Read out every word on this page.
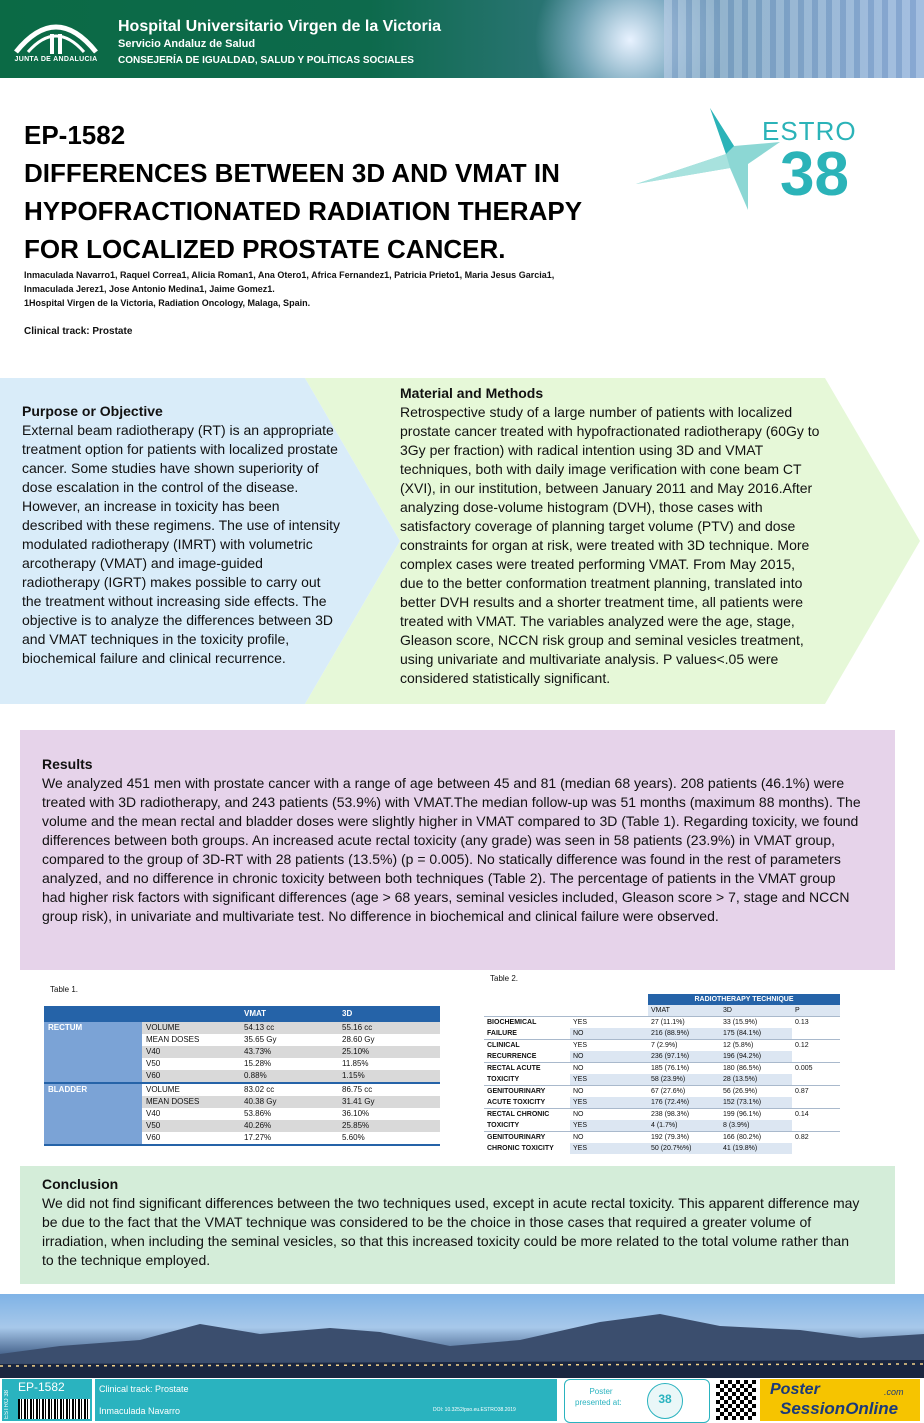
JUNTA DE ANDALUCIA
Hospital Universitario Virgen de la Victoria
Servicio Andaluz de Salud
CONSEJERÍA DE IGUALDAD, SALUD Y POLÍTICAS SOCIALES
EP-1582
DIFFERENCES BETWEEN 3D AND VMAT IN
HYPOFRACTIONATED RADIATION THERAPY
FOR LOCALIZED PROSTATE CANCER.
Inmaculada Navarro1, Raquel Correa1, Alicia Roman1, Ana Otero1, Africa Fernandez1, Patricia Prieto1, Maria Jesus Garcia1,
Inmaculada Jerez1, Jose Antonio Medina1, Jaime Gomez1.
1Hospital Virgen de la Victoria, Radiation Oncology, Malaga, Spain.
Clinical track: Prostate
ESTRO
38
Purpose or Objective
External beam radiotherapy (RT) is an appropriate treatment option for patients with localized prostate cancer. Some studies have shown superiority of dose escalation in the control of the disease. However, an increase in toxicity has been described with these regimens. The use of intensity modulated radiotherapy (IMRT) with volumetric arcotherapy (VMAT) and image-guided radiotherapy (IGRT) makes possible to carry out the treatment without increasing side effects. The objective is to analyze the differences between 3D and VMAT techniques in the toxicity profile, biochemical failure and clinical recurrence.
Material and Methods
Retrospective study of a large number of patients with localized prostate cancer treated with hypofractionated radiotherapy (60Gy to 3Gy per fraction) with radical intention using 3D and VMAT techniques, both with daily image verification with cone beam CT (XVI), in our institution, between January 2011 and May 2016.After analyzing dose-volume histogram (DVH), those cases with satisfactory coverage of planning target volume (PTV) and dose constraints for organ at risk, were treated with 3D technique. More complex cases were treated performing VMAT. From May 2015, due to the better conformation treatment planning, translated into better DVH results and a shorter treatment time, all patients were treated with VMAT. The variables analyzed were the age, stage, Gleason score, NCCN risk group and seminal vesicles treatment, using univariate and multivariate analysis. P values<.05 were considered statistically significant.
Results
We analyzed 451 men with prostate cancer with a range of age between 45 and 81 (median 68 years). 208 patients (46.1%) were treated with 3D radiotherapy, and 243 patients (53.9%) with VMAT.The median follow-up was 51 months (maximum 88 months). The volume and the mean rectal and bladder doses were slightly higher in VMAT compared to 3D (Table 1). Regarding toxicity, we found differences between both groups. An increased acute rectal toxicity (any grade) was seen in 58 patients (23.9%) in VMAT group, compared to the group of 3D-RT with 28 patients (13.5%) (p = 0.005). No statically difference was found in the rest of parameters analyzed, and no difference in chronic toxicity between both techniques (Table 2). The percentage of patients in the VMAT group had higher risk factors with significant differences (age > 68 years, seminal vesicles included, Gleason score > 7, stage and NCCN group risk), in univariate and multivariate test. No difference in biochemical and clinical failure were observed.
Table 1.
		VMAT	3D
RECTUM	VOLUME	54.13 cc	55.16 cc
	MEAN DOSES	35.65 Gy	28.60 Gy
	V40	43.73%	25.10%
	V50	15.28%	11.85%
	V60	0.88%	1.15%
BLADDER	VOLUME	83.02 cc	86.75 cc
	MEAN DOSES	40.38 Gy	31.41 Gy
	V40	53.86%	36.10%
	V50	40.26%	25.85%
	V60	17.27%	5.60%
Table 2.
		RADIOTHERAPY TECHNIQUE		
		VMAT	3D	P
BIOCHEMICAL	YES	27 (11.1%)	33 (15.9%)	0.13
FAILURE	NO	216 (88.9%)	175 (84.1%)	
CLINICAL	YES	7 (2.9%)	12 (5.8%)	0.12
RECURRENCE	NO	236 (97.1%)	196 (94.2%)	
RECTAL ACUTE	NO	185 (76.1%)	180 (86.5%)	0.005
TOXICITY	YES	58 (23.9%)	28 (13.5%)	
GENITOURINARY	NO	67 (27.6%)	56 (26.9%)	0.87
ACUTE TOXICITY	YES	176 (72.4%)	152 (73.1%)	
RECTAL CHRONIC	NO	238 (98.3%)	199 (96.1%)	0.14
TOXICITY	YES	4 (1.7%)	8 (3.9%)	
GENITOURINARY	NO	192 (79.3%)	166 (80.2%)	0.82
CHRONIC TOXICITY	YES	50 (20.7%%)	41 (19.8%)	
Conclusion
We did not find significant differences between the two techniques used, except in acute rectal toxicity. This apparent difference may be due to the fact that the VMAT technique was considered to be the choice in those cases that required a greater volume of irradiation, when including the seminal vesicles, so that this increased toxicity could be more related to the total volume rather than to the technique employed.
ESTRO 38
EP-1582	Clinical track: Prostate
Inmaculada Navarro	DOI: 10.3252/pso.eu.ESTRO38.2019
Poster
presented at:	38
Poster
SessionOnline
.com
